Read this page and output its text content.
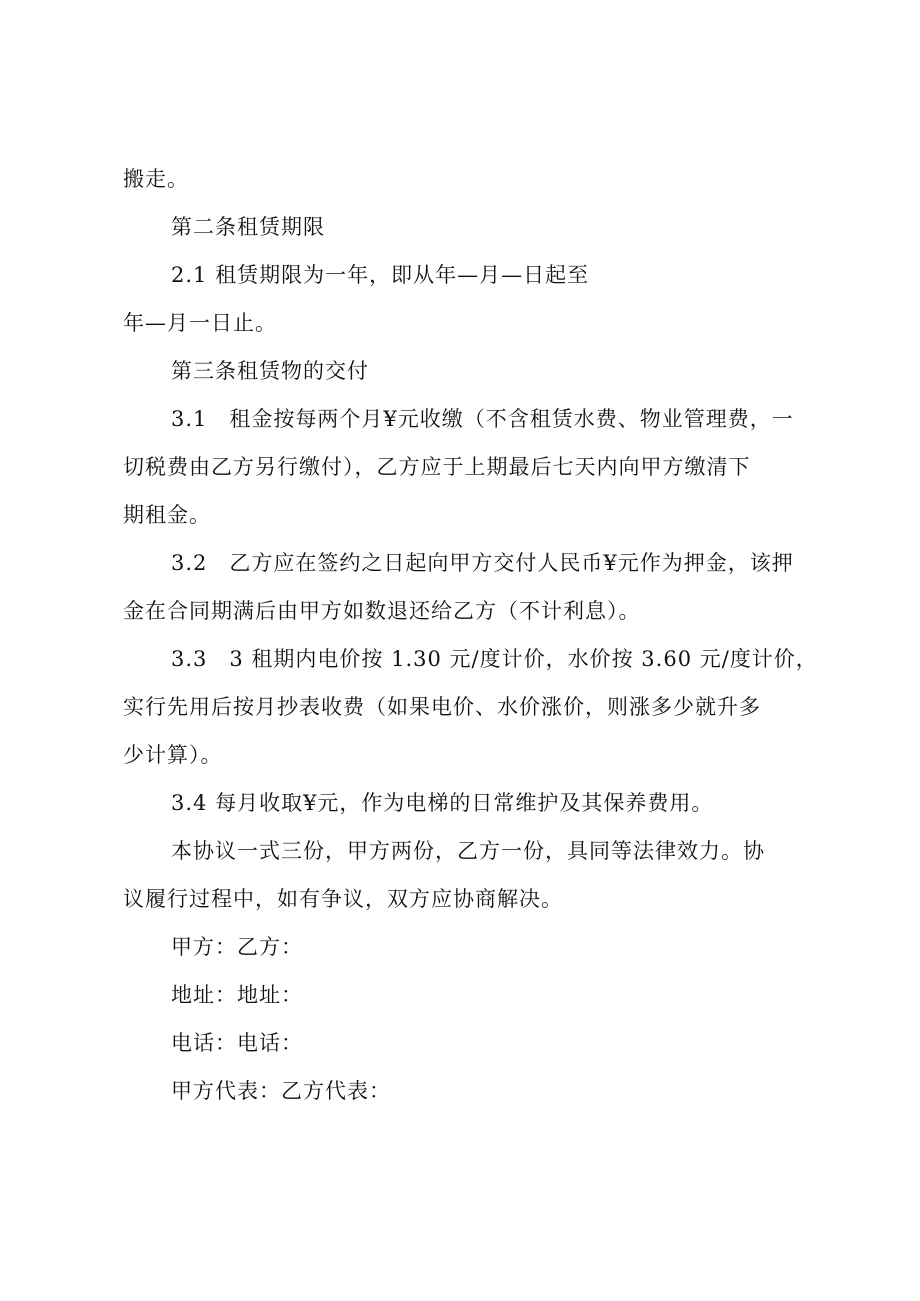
搬走。
第二条租赁期限
2.1 租赁期限为一年，即从年—月—日起至
年—月一日止。
第三条租赁物的交付
3.1　租金按每两个月¥元收缴（不含租赁水费、物业管理费，一
切税费由乙方另行缴付），乙方应于上期最后七天内向甲方缴清下
期租金。
3.2　乙方应在签约之日起向甲方交付人民币¥元作为押金，该押
金在合同期满后由甲方如数退还给乙方（不计利息）。
3.3　3 租期内电价按 1.30 元/度计价，水价按 3.60 元/度计价，
实行先用后按月抄表收费（如果电价、水价涨价，则涨多少就升多
少计算）。
3.4 每月收取¥元，作为电梯的日常维护及其保养费用。
本协议一式三份，甲方两份，乙方一份，具同等法律效力。协
议履行过程中，如有争议，双方应协商解决。
甲方：乙方：
地址：地址：
电话：电话：
甲方代表：乙方代表：
